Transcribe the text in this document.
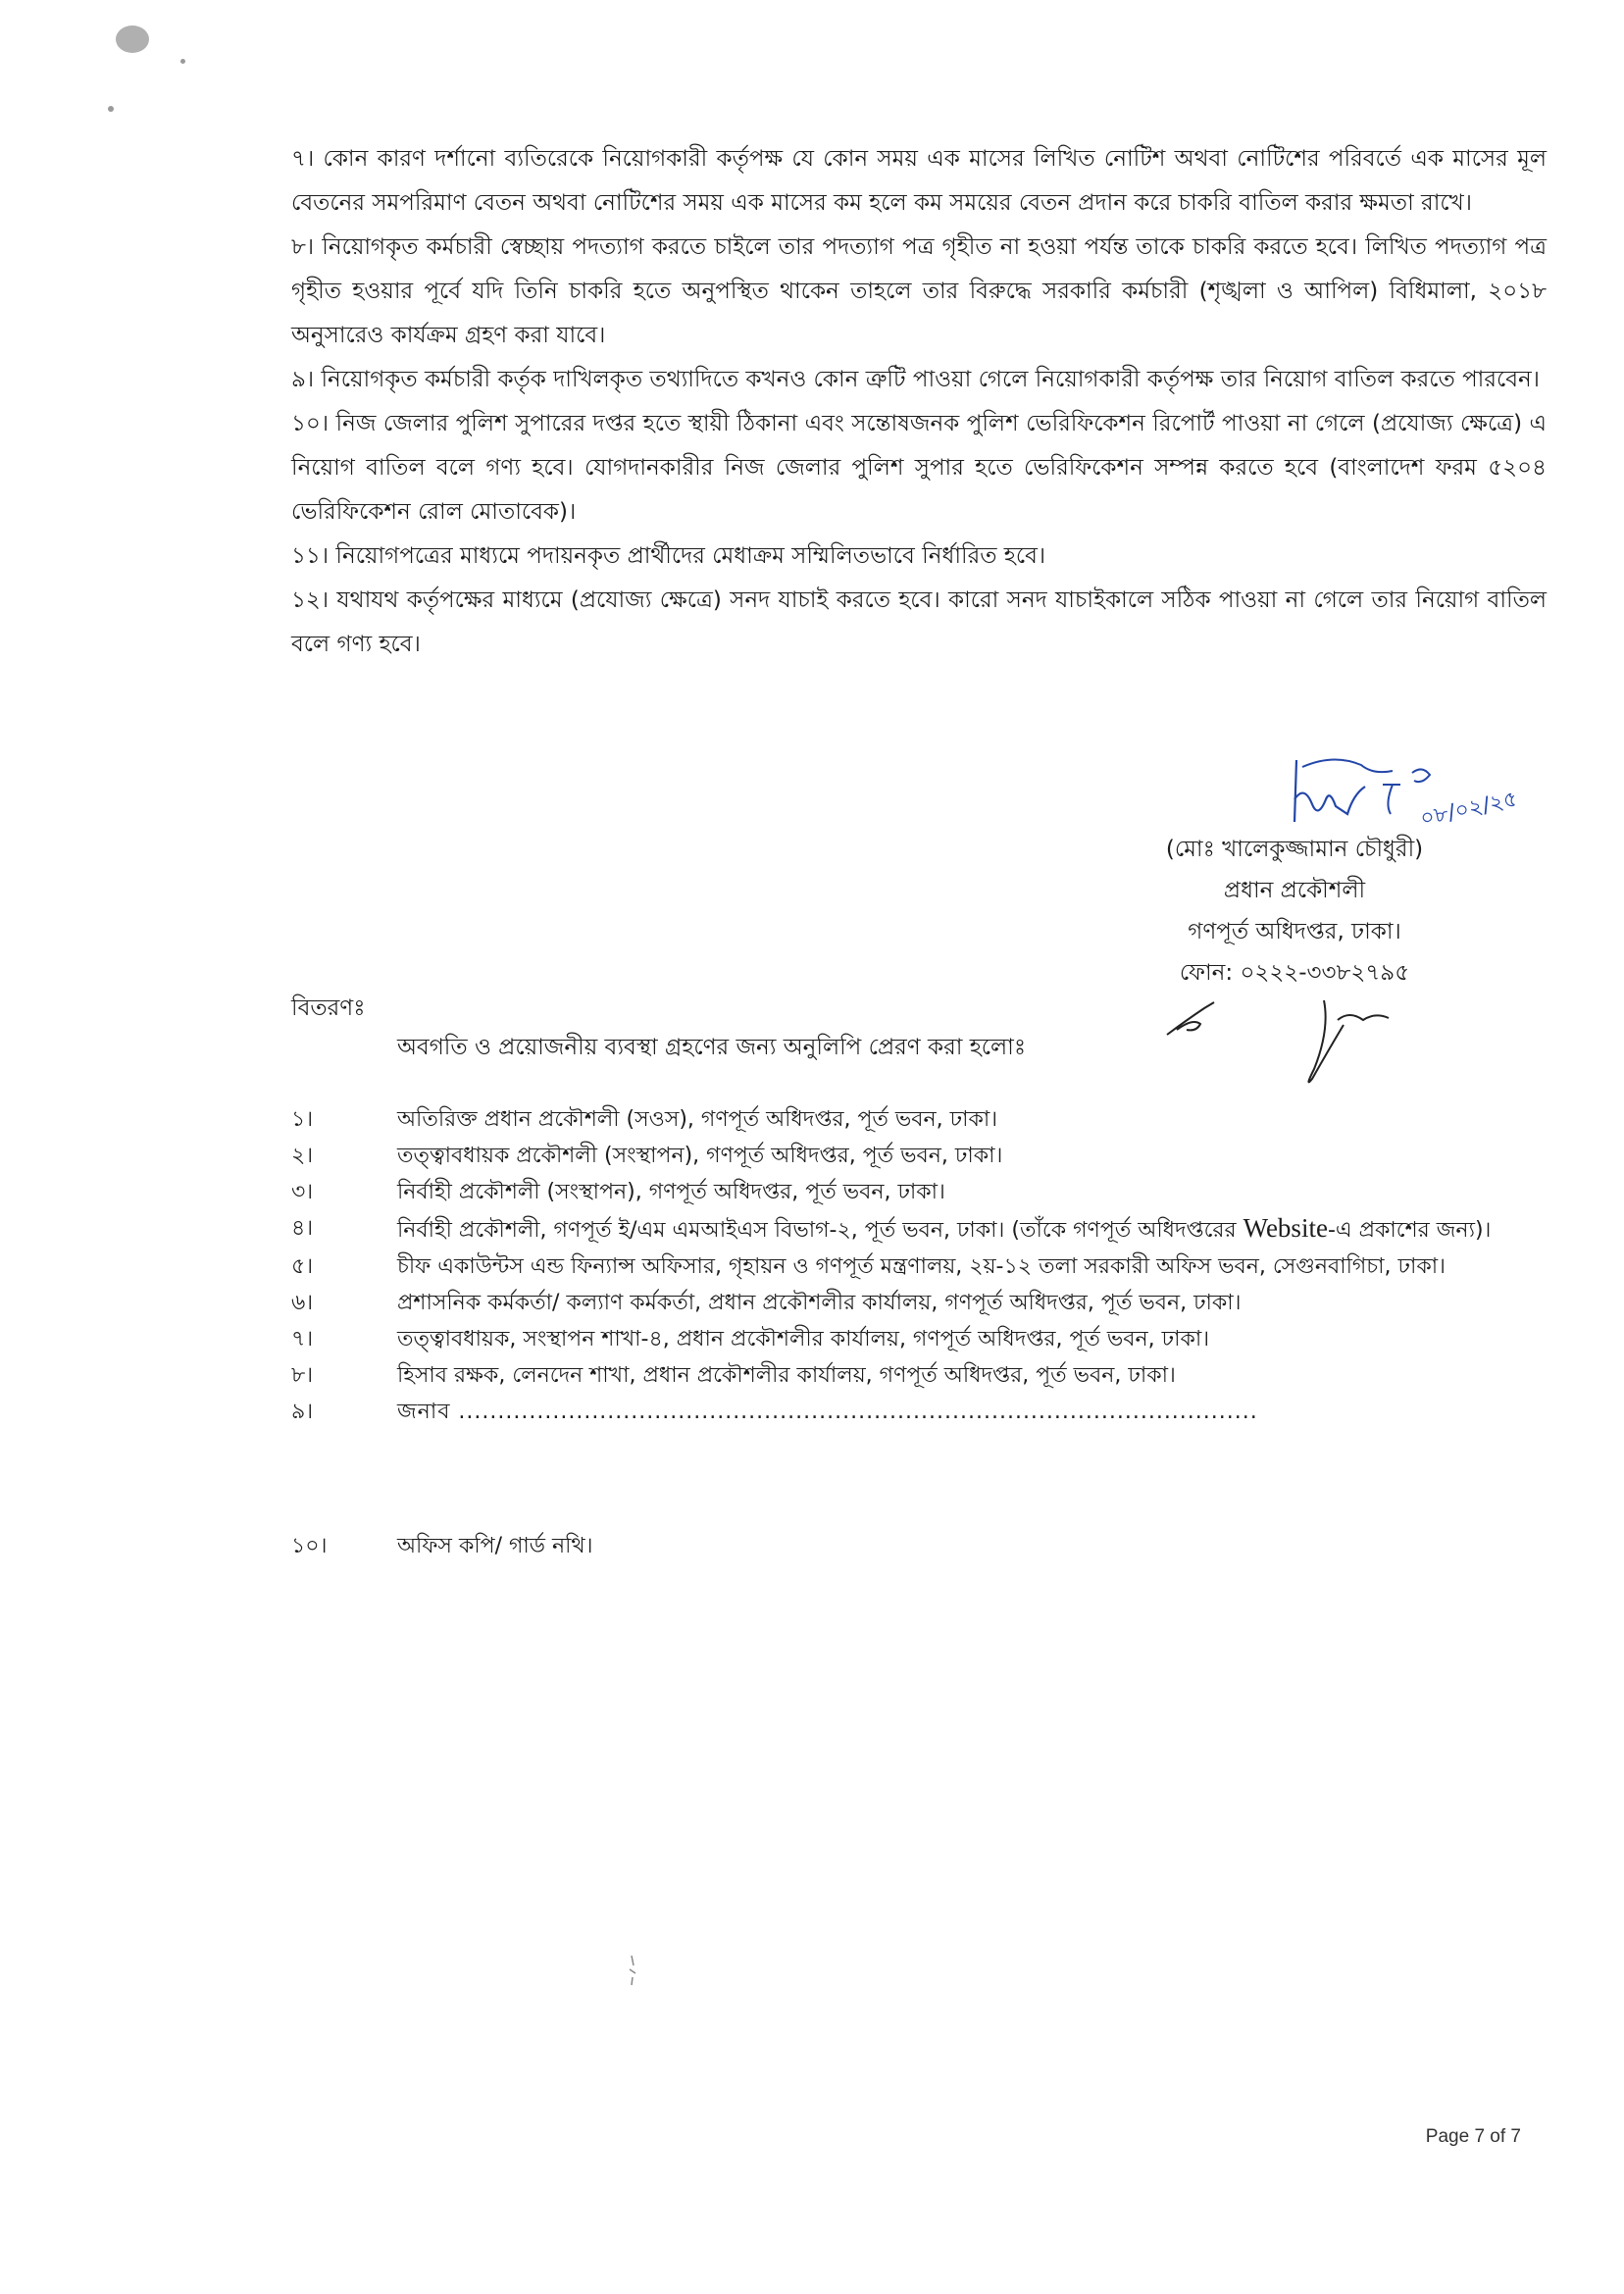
৭। কোন কারণ দর্শানো ব্যতিরেকে নিয়োগকারী কর্তৃপক্ষ যে কোন সময় এক মাসের লিখিত নোটিশ অথবা নোটিশের পরিবর্তে এক মাসের মূল বেতনের সমপরিমাণ বেতন অথবা নোটিশের সময় এক মাসের কম হলে কম সময়ের বেতন প্রদান করে চাকরি বাতিল করার ক্ষমতা রাখে।

৮। নিয়োগকৃত কর্মচারী স্বেচ্ছায় পদত্যাগ করতে চাইলে তার পদত্যাগ পত্র গৃহীত না হওয়া পর্যন্ত তাকে চাকরি করতে হবে। লিখিত পদত্যাগ পত্র গৃহীত হওয়ার পূর্বে যদি তিনি চাকরি হতে অনুপস্থিত থাকেন তাহলে তার বিরুদ্ধে সরকারি কর্মচারী (শৃঙ্খলা ও আপিল) বিধিমালা, ২০১৮ অনুসারেও কার্যক্রম গ্রহণ করা যাবে।

৯। নিয়োগকৃত কর্মচারী কর্তৃক দাখিলকৃত তথ্যাদিতে কখনও কোন ত্রুটি পাওয়া গেলে নিয়োগকারী কর্তৃপক্ষ তার নিয়োগ বাতিল করতে পারবেন।

১০। নিজ জেলার পুলিশ সুপারের দপ্তর হতে স্থায়ী ঠিকানা এবং সন্তোষজনক পুলিশ ভেরিফিকেশন রিপোর্ট পাওয়া না গেলে (প্রযোজ্য ক্ষেত্রে) এ নিয়োগ বাতিল বলে গণ্য হবে। যোগদানকারীর নিজ জেলার পুলিশ সুপার হতে ভেরিফিকেশন সম্পন্ন করতে হবে (বাংলাদেশ ফরম ৫২০৪ ভেরিফিকেশন রোল মোতাবেক)।

১১। নিয়োগপত্রের মাধ্যমে পদায়নকৃত প্রার্থীদের মেধাক্রম সম্মিলিতভাবে নির্ধারিত হবে।

১২। যথাযথ কর্তৃপক্ষের মাধ্যমে (প্রযোজ্য ক্ষেত্রে) সনদ যাচাই করতে হবে। কারো সনদ যাচাইকালে সঠিক পাওয়া না গেলে তার নিয়োগ বাতিল বলে গণ্য হবে।

০৮/০২/২৫

(মোঃ খালেকুজ্জামান চৌধুরী)

প্রধান প্রকৌশলী

গণপূর্ত অধিদপ্তর, ঢাকা।

ফোন: ০২২২-৩৩৮২৭৯৫

বিতরণঃ
অবগতি ও প্রয়োজনীয় ব্যবস্থা গ্রহণের জন্য অনুলিপি প্রেরণ করা হলোঃ
১।	অতিরিক্ত প্রধান প্রকৌশলী (সওস), গণপূর্ত অধিদপ্তর, পূর্ত ভবন, ঢাকা।
২।	তত্ত্বাবধায়ক প্রকৌশলী (সংস্থাপন), গণপূর্ত অধিদপ্তর, পূর্ত ভবন, ঢাকা।
৩।	নির্বাহী প্রকৌশলী (সংস্থাপন), গণপূর্ত অধিদপ্তর, পূর্ত ভবন, ঢাকা।
৪।	নির্বাহী প্রকৌশলী, গণপূর্ত ই/এম এমআইএস বিভাগ-২, পূর্ত ভবন, ঢাকা। (তাঁকে গণপূর্ত অধিদপ্তরের Website-এ প্রকাশের জন্য)।
৫।	চীফ একাউন্টস এন্ড ফিন্যান্স অফিসার, গৃহায়ন ও গণপূর্ত মন্ত্রণালয়, ২য়-১২ তলা সরকারী অফিস ভবন, সেগুনবাগিচা, ঢাকা।
৬।	প্রশাসনিক কর্মকর্তা/ কল্যাণ কর্মকর্তা, প্রধান প্রকৌশলীর কার্যালয়, গণপূর্ত অধিদপ্তর, পূর্ত ভবন, ঢাকা।
৭।	তত্ত্বাবধায়ক, সংস্থাপন শাখা-৪, প্রধান প্রকৌশলীর কার্যালয়, গণপূর্ত অধিদপ্তর, পূর্ত ভবন, ঢাকা।
৮।	হিসাব রক্ষক, লেনদেন শাখা, প্রধান প্রকৌশলীর কার্যালয়, গণপূর্ত অধিদপ্তর, পূর্ত ভবন, ঢাকা।
৯।	জনাব ......................................................................................................
১০।	অফিস কপি/ গার্ড নথি।
Page 7 of 7
